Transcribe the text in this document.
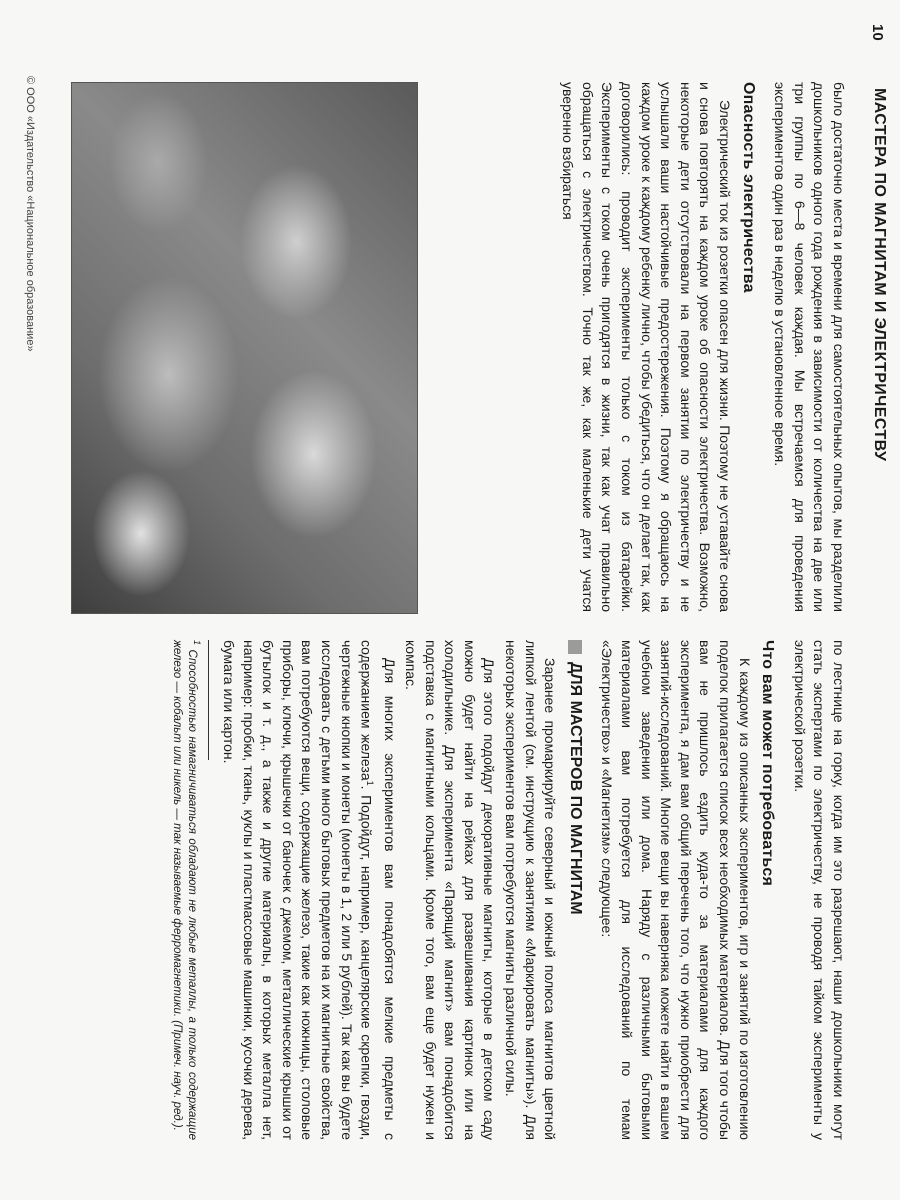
10
МАСТЕРА ПО МАГНИТАМ И ЭЛЕКТРИЧЕСТВУ

было достаточно места и времени для самостоятельных опытов, мы разделили дошкольников одного года рождения в зависимости от количества на две или три группы по 6—8 человек каждая. Мы встречаемся для проведения экспериментов один раз в неделю в установленное время.

Опасность электричества

Электрический ток из розетки опасен для жизни. Поэтому не уставайте снова и снова повторять на каждом уроке об опасности электричества. Возможно, некоторые дети отсутствовали на первом занятии по электричеству и не услышали ваши настойчивые предостережения. Поэтому я обращаюсь на каждом уроке к каждому ребенку лично, чтобы убедиться, что он делает так, как договорились: проводит эксперименты только с током из батарейки. Эксперименты с током очень пригодятся в жизни, так как учат правильно обращаться с электричеством. Точно так же, как маленькие дети учатся уверенно взбираться

по лестнице на горку, когда им это разрешают, наши дошкольники могут стать экспертами по электричеству, не проводя тайком эксперименты у электрической розетки.

Что вам может потребоваться

К каждому из описанных экспериментов, игр и занятий по изготовлению поделок прилагается список всех необходимых материалов. Для того чтобы вам не пришлось ездить куда-то за материалами для каждого эксперимента, я дам вам общий перечень того, что нужно приобрести для занятий-исследований. Многие вещи вы наверняка можете найти в вашем учебном заведении или дома. Наряду с различными бытовыми материалами вам потребуется для исследований по темам «Электричество» и «Магнетизм» следующее:

ДЛЯ МАСТЕРОВ ПО МАГНИТАМ

Заранее промаркируйте северный и южный полюса магнитов цветной липкой лентой (см. инструкцию к занятиям «Маркировать магниты»). Для некоторых экспериментов вам потребуются магниты различной силы.

Для этого подойдут декоративные магниты, которые в детском саду можно будет найти на рейках для развешивания картинок или на холодильнике. Для эксперимента «Парящий магнит» вам понадобится подставка с магнитными кольцами. Кроме того, вам еще будет нужен и компас.

Для многих экспериментов вам понадобятся мелкие предметы с содержанием железа$^1$. Подойдут, например, канцелярские скрепки, гвозди, чертежные кнопки и монеты (монеты в 1, 2 или 5 рублей). Так как вы будете исследовать с детьми много бытовых предметов на их магнитные свойства, вам потребуются вещи, содержащие железо, такие как ножницы, столовые приборы, ключи, крышечки от баночек с джемом, металлические крышки от бутылок и т. д., а также и другие материалы, в которых металла нет, например: пробки, ткань, куклы и пластмассовые машинки, кусочки дерева, бумага или картон.

$^1$ Способностью намагничиваться обладают не любые металлы, а только содержащие железо — кобальт или никель — так называемые ферромагнетики. (Примеч. науч. ред.).

© ООО «Издательство «Национальное образование»
